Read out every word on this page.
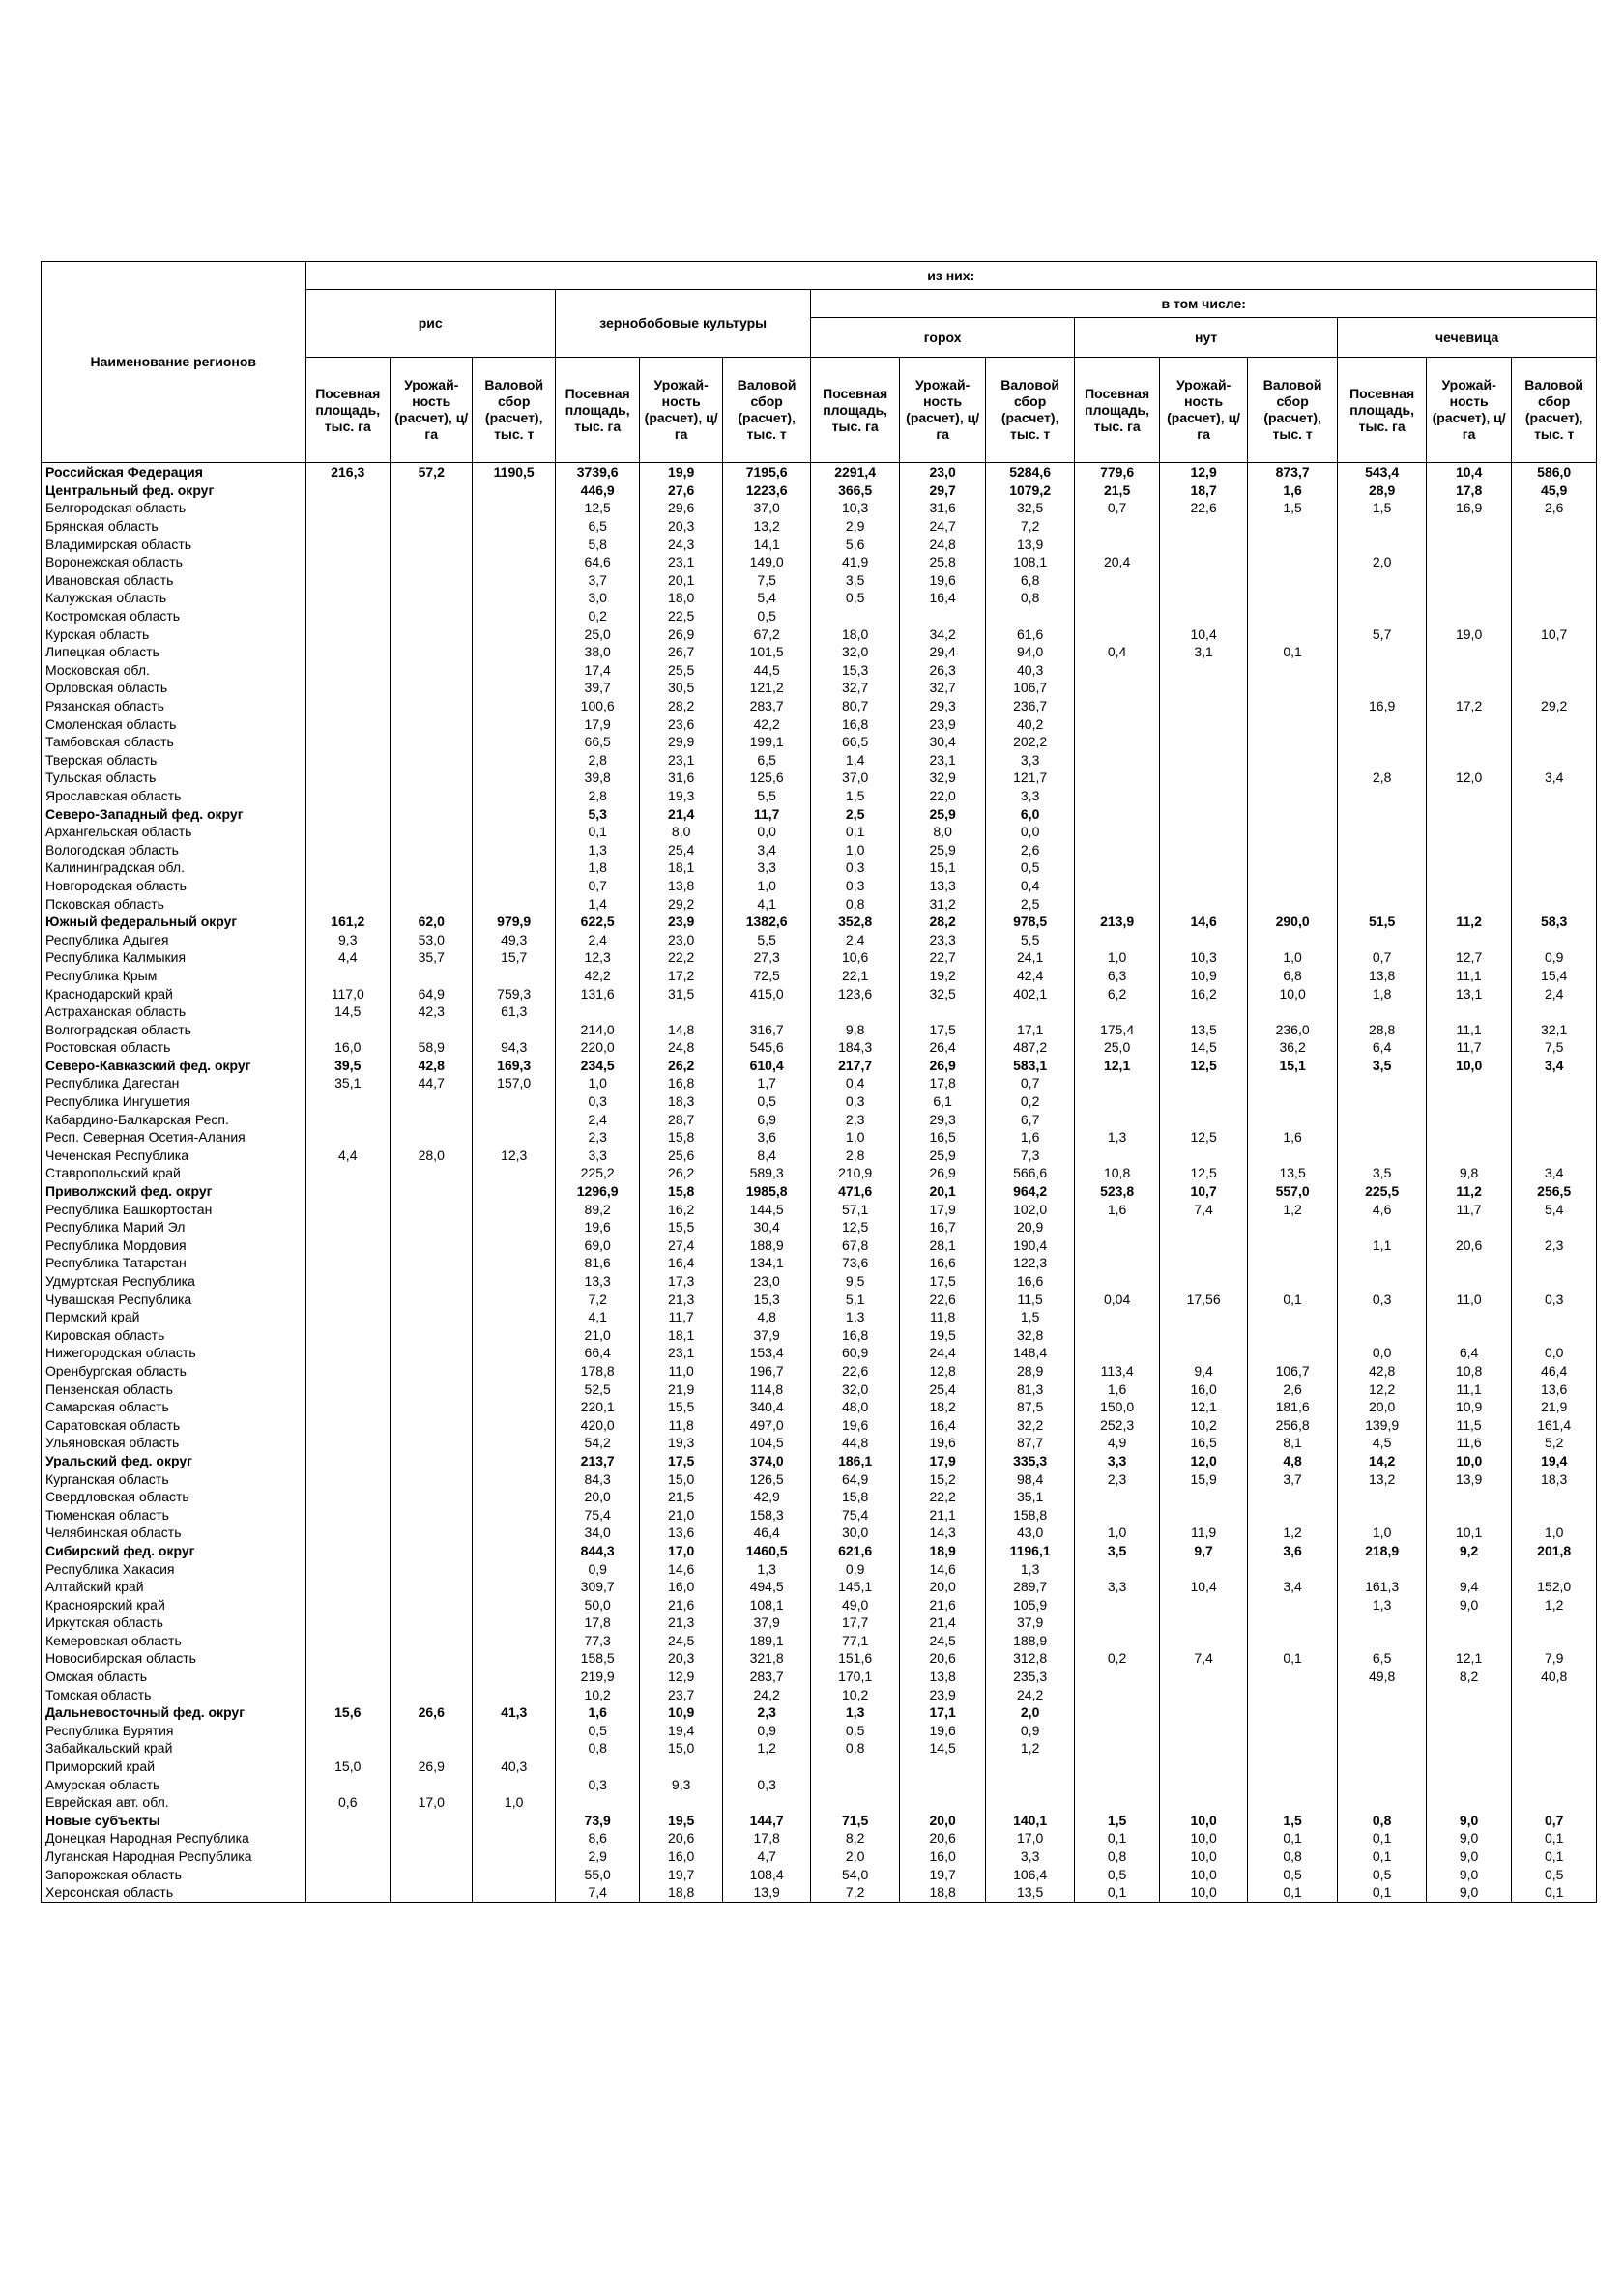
Наименование регионов	из них:														
	рис			зернобобовые культуры			в том числе:								
							горох			нут			чечевица		
	Посевная площадь, тыс. га	Урожай-ность (расчет), ц/га	Валовой сбор (расчет), тыс. т	Посевная площадь, тыс. га	Урожай-ность (расчет), ц/га	Валовой сбор (расчет), тыс. т	Посевная площадь, тыс. га	Урожай-ность (расчет), ц/га	Валовой сбор (расчет), тыс. т	Посевная площадь, тыс. га	Урожай-ность (расчет), ц/га	Валовой сбор (расчет), тыс. т	Посевная площадь, тыс. га	Урожай-ность (расчет), ц/га	Валовой сбор (расчет), тыс. т
Российская Федерация	216,3	57,2	1190,5	3739,6	19,9	7195,6	2291,4	23,0	5284,6	779,6	12,9	873,7	543,4	10,4	586,0
Центральный фед. округ				446,9	27,6	1223,6	366,5	29,7	1079,2	21,5	18,7	1,6	28,9	17,8	45,9
Белгородская область				12,5	29,6	37,0	10,3	31,6	32,5	0,7	22,6	1,5	1,5	16,9	2,6
Брянская область				6,5	20,3	13,2	2,9	24,7	7,2						
Владимирская область				5,8	24,3	14,1	5,6	24,8	13,9						
Воронежская область				64,6	23,1	149,0	41,9	25,8	108,1	20,4			2,0		
Ивановская область				3,7	20,1	7,5	3,5	19,6	6,8						
Калужская область				3,0	18,0	5,4	0,5	16,4	0,8						
Костромская область				0,2	22,5	0,5									
Курская область				25,0	26,9	67,2	18,0	34,2	61,6		10,4		5,7	19,0	10,7
Липецкая область				38,0	26,7	101,5	32,0	29,4	94,0	0,4	3,1	0,1			
Московская обл.				17,4	25,5	44,5	15,3	26,3	40,3						
Орловская область				39,7	30,5	121,2	32,7	32,7	106,7						
Рязанская область				100,6	28,2	283,7	80,7	29,3	236,7				16,9	17,2	29,2
Смоленская область				17,9	23,6	42,2	16,8	23,9	40,2						
Тамбовская область				66,5	29,9	199,1	66,5	30,4	202,2						
Тверская область				2,8	23,1	6,5	1,4	23,1	3,3						
Тульская область				39,8	31,6	125,6	37,0	32,9	121,7				2,8	12,0	3,4
Ярославская область				2,8	19,3	5,5	1,5	22,0	3,3						
Северо-Западный фед. округ				5,3	21,4	11,7	2,5	25,9	6,0						
Архангельская область				0,1	8,0	0,0	0,1	8,0	0,0						
Вологодская область				1,3	25,4	3,4	1,0	25,9	2,6						
Калининградская обл.				1,8	18,1	3,3	0,3	15,1	0,5						
Новгородская область				0,7	13,8	1,0	0,3	13,3	0,4						
Псковская область				1,4	29,2	4,1	0,8	31,2	2,5						
Южный федеральный округ	161,2	62,0	979,9	622,5	23,9	1382,6	352,8	28,2	978,5	213,9	14,6	290,0	51,5	11,2	58,3
Республика Адыгея	9,3	53,0	49,3	2,4	23,0	5,5	2,4	23,3	5,5						
Республика Калмыкия	4,4	35,7	15,7	12,3	22,2	27,3	10,6	22,7	24,1	1,0	10,3	1,0	0,7	12,7	0,9
Республика Крым				42,2	17,2	72,5	22,1	19,2	42,4	6,3	10,9	6,8	13,8	11,1	15,4
Краснодарский край	117,0	64,9	759,3	131,6	31,5	415,0	123,6	32,5	402,1	6,2	16,2	10,0	1,8	13,1	2,4
Астраханская область	14,5	42,3	61,3												
Волгоградская область				214,0	14,8	316,7	9,8	17,5	17,1	175,4	13,5	236,0	28,8	11,1	32,1
Ростовская область	16,0	58,9	94,3	220,0	24,8	545,6	184,3	26,4	487,2	25,0	14,5	36,2	6,4	11,7	7,5
Северо-Кавказский фед. округ	39,5	42,8	169,3	234,5	26,2	610,4	217,7	26,9	583,1	12,1	12,5	15,1	3,5	10,0	3,4
Республика Дагестан	35,1	44,7	157,0	1,0	16,8	1,7	0,4	17,8	0,7						
Республика Ингушетия				0,3	18,3	0,5	0,3	6,1	0,2						
Кабардино-Балкарская Респ.				2,4	28,7	6,9	2,3	29,3	6,7						
Респ. Северная Осетия-Алания				2,3	15,8	3,6	1,0	16,5	1,6	1,3	12,5	1,6			
Чеченская Республика	4,4	28,0	12,3	3,3	25,6	8,4	2,8	25,9	7,3						
Ставропольский край				225,2	26,2	589,3	210,9	26,9	566,6	10,8	12,5	13,5	3,5	9,8	3,4
Приволжский фед. округ				1296,9	15,8	1985,8	471,6	20,1	964,2	523,8	10,7	557,0	225,5	11,2	256,5
Республика Башкортостан				89,2	16,2	144,5	57,1	17,9	102,0	1,6	7,4	1,2	4,6	11,7	5,4
Республика Марий Эл				19,6	15,5	30,4	12,5	16,7	20,9						
Республика Мордовия				69,0	27,4	188,9	67,8	28,1	190,4				1,1	20,6	2,3
Республика Татарстан				81,6	16,4	134,1	73,6	16,6	122,3						
Удмуртская Республика				13,3	17,3	23,0	9,5	17,5	16,6						
Чувашская Республика				7,2	21,3	15,3	5,1	22,6	11,5	0,04	17,56	0,1	0,3	11,0	0,3
Пермский край				4,1	11,7	4,8	1,3	11,8	1,5						
Кировская область				21,0	18,1	37,9	16,8	19,5	32,8						
Нижегородская область				66,4	23,1	153,4	60,9	24,4	148,4				0,0	6,4	0,0
Оренбургская область				178,8	11,0	196,7	22,6	12,8	28,9	113,4	9,4	106,7	42,8	10,8	46,4
Пензенская область				52,5	21,9	114,8	32,0	25,4	81,3	1,6	16,0	2,6	12,2	11,1	13,6
Самарская область				220,1	15,5	340,4	48,0	18,2	87,5	150,0	12,1	181,6	20,0	10,9	21,9
Саратовская область				420,0	11,8	497,0	19,6	16,4	32,2	252,3	10,2	256,8	139,9	11,5	161,4
Ульяновская область				54,2	19,3	104,5	44,8	19,6	87,7	4,9	16,5	8,1	4,5	11,6	5,2
Уральский фед. округ				213,7	17,5	374,0	186,1	17,9	335,3	3,3	12,0	4,8	14,2	10,0	19,4
Курганская область				84,3	15,0	126,5	64,9	15,2	98,4	2,3	15,9	3,7	13,2	13,9	18,3
Свердловская область				20,0	21,5	42,9	15,8	22,2	35,1						
Тюменская область				75,4	21,0	158,3	75,4	21,1	158,8						
Челябинская область				34,0	13,6	46,4	30,0	14,3	43,0	1,0	11,9	1,2	1,0	10,1	1,0
Сибирский фед. округ				844,3	17,0	1460,5	621,6	18,9	1196,1	3,5	9,7	3,6	218,9	9,2	201,8
Республика Хакасия				0,9	14,6	1,3	0,9	14,6	1,3						
Алтайский край				309,7	16,0	494,5	145,1	20,0	289,7	3,3	10,4	3,4	161,3	9,4	152,0
Красноярский край				50,0	21,6	108,1	49,0	21,6	105,9				1,3	9,0	1,2
Иркутская область				17,8	21,3	37,9	17,7	21,4	37,9						
Кемеровская область				77,3	24,5	189,1	77,1	24,5	188,9						
Новосибирская область				158,5	20,3	321,8	151,6	20,6	312,8	0,2	7,4	0,1	6,5	12,1	7,9
Омская область				219,9	12,9	283,7	170,1	13,8	235,3				49,8	8,2	40,8
Томская область				10,2	23,7	24,2	10,2	23,9	24,2						
Дальневосточный фед. округ	15,6	26,6	41,3	1,6	10,9	2,3	1,3	17,1	2,0						
Республика Бурятия				0,5	19,4	0,9	0,5	19,6	0,9						
Забайкальский край				0,8	15,0	1,2	0,8	14,5	1,2						
Приморский край	15,0	26,9	40,3												
Амурская область				0,3	9,3	0,3									
Еврейская авт. обл.	0,6	17,0	1,0												
Новые субъекты				73,9	19,5	144,7	71,5	20,0	140,1	1,5	10,0	1,5	0,8	9,0	0,7
Донецкая Народная Республика				8,6	20,6	17,8	8,2	20,6	17,0	0,1	10,0	0,1	0,1	9,0	0,1
Луганская Народная Республика				2,9	16,0	4,7	2,0	16,0	3,3	0,8	10,0	0,8	0,1	9,0	0,1
Запорожская область				55,0	19,7	108,4	54,0	19,7	106,4	0,5	10,0	0,5	0,5	9,0	0,5
Херсонская область				7,4	18,8	13,9	7,2	18,8	13,5	0,1	10,0	0,1	0,1	9,0	0,1
